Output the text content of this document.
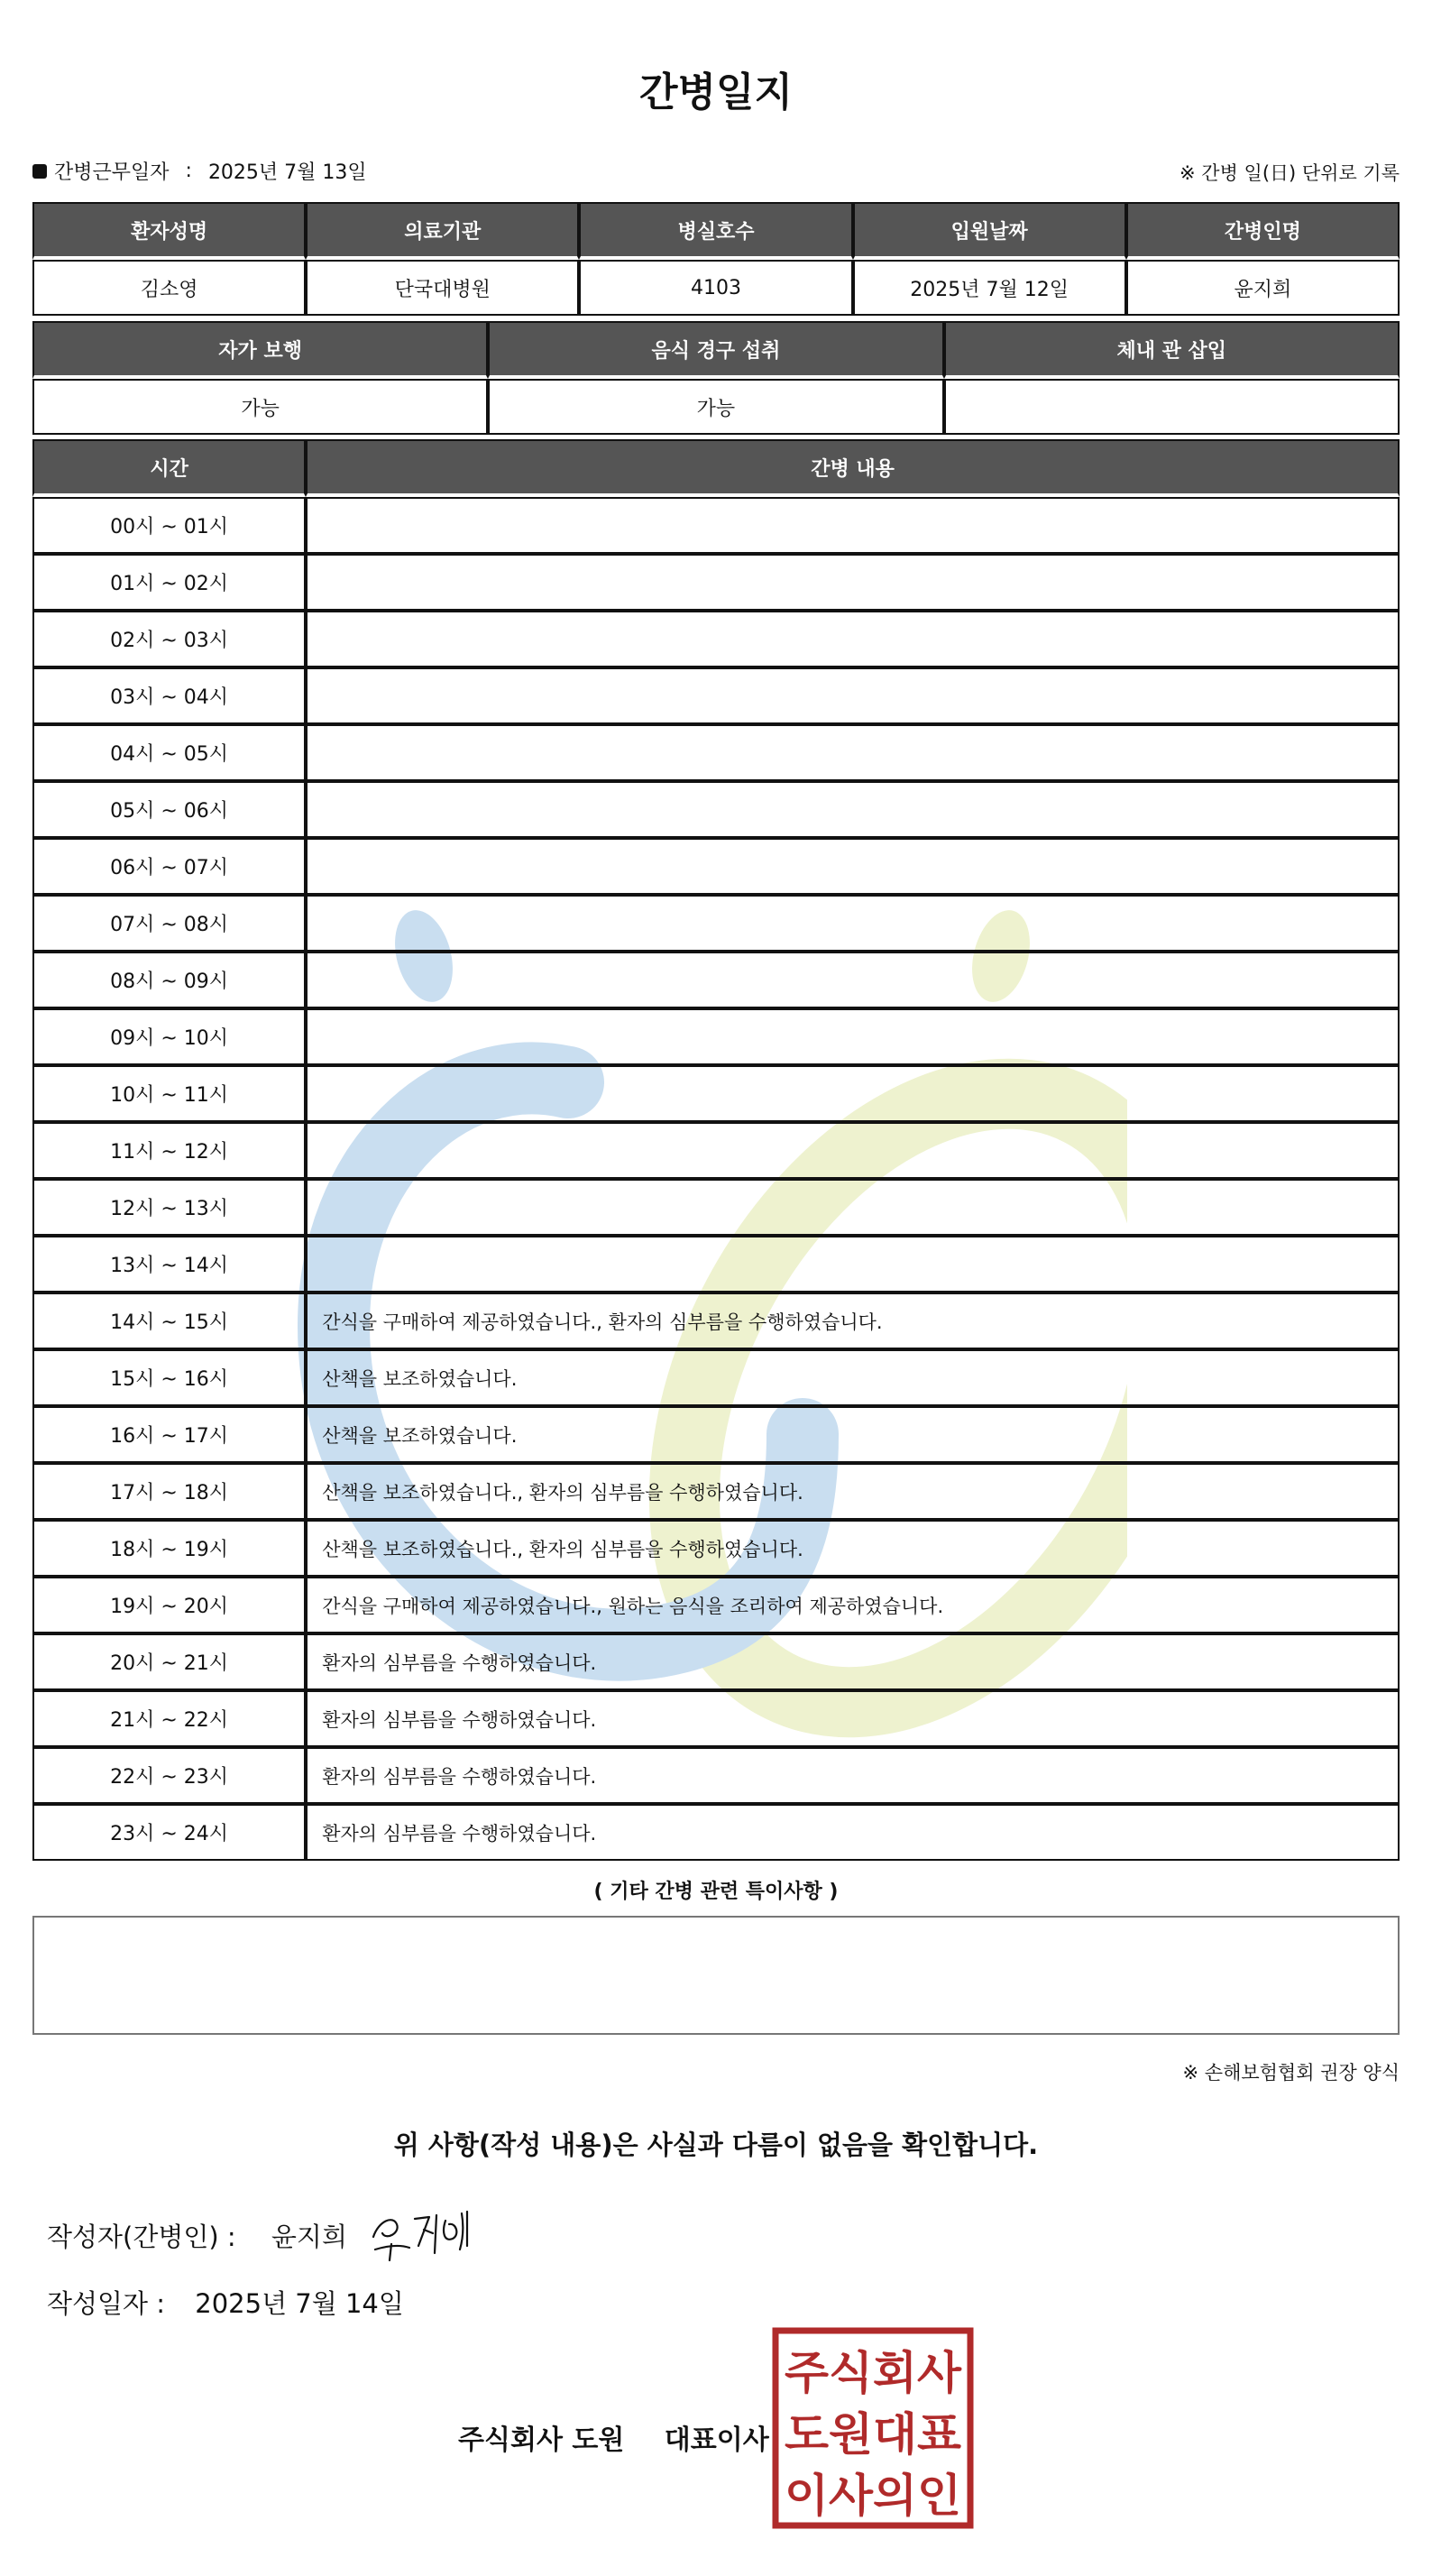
간병일지
간병근무일자 : 2025년 7월 13일	※ 간병 일(日) 단위로 기록
환자성명	의료기관	병실호수	입원날짜	간병인명
김소영	단국대병원	4103	2025년 7월 12일	윤지희
자가 보행	음식 경구 섭취	체내 관 삽입
가능	가능	
시간	간병 내용
00시 ~ 01시	
01시 ~ 02시	
02시 ~ 03시	
03시 ~ 04시	
04시 ~ 05시	
05시 ~ 06시	
06시 ~ 07시	
07시 ~ 08시	
08시 ~ 09시	
09시 ~ 10시	
10시 ~ 11시	
11시 ~ 12시	
12시 ~ 13시	
13시 ~ 14시	
14시 ~ 15시	간식을 구매하여 제공하였습니다., 환자의 심부름을 수행하였습니다.
15시 ~ 16시	산책을 보조하였습니다.
16시 ~ 17시	산책을 보조하였습니다.
17시 ~ 18시	산책을 보조하였습니다., 환자의 심부름을 수행하였습니다.
18시 ~ 19시	산책을 보조하였습니다., 환자의 심부름을 수행하였습니다.
19시 ~ 20시	간식을 구매하여 제공하였습니다., 원하는 음식을 조리하여 제공하였습니다.
20시 ~ 21시	환자의 심부름을 수행하였습니다.
21시 ~ 22시	환자의 심부름을 수행하였습니다.
22시 ~ 23시	환자의 심부름을 수행하였습니다.
23시 ~ 24시	환자의 심부름을 수행하였습니다.
( 기타 간병 관련 특이사항 )
※ 손해보험협회 권장 양식
위 사항(작성 내용)은 사실과 다름이 없음을 확인합니다.
작성자(간병인) : 윤지희
작성일자 : 2025년 7월 14일
주식회사 도원 대표이사
주식회사
도원대표
이사의인
